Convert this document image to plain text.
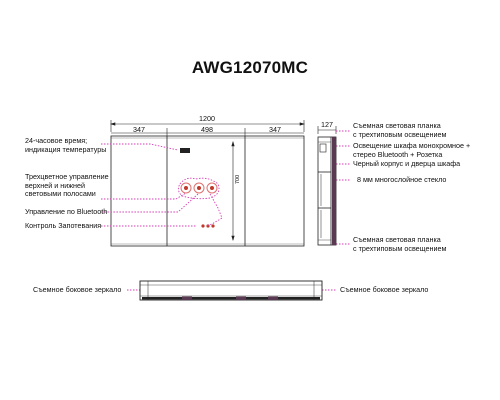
AWG12070MC
1200
347	498	347
127
700
24-часовое время;
индикация температуры
Трехцветное управление
верхней и нижней
световыми полосами
Управление по Bluetooth
Контроль Запотевания
Съемная световая планка
с трехтиповым освещением
Освещение шкафа монохромное +
стерео Bluetooth + Розетка
Черный корпус и дверца шкафа
8 мм многослойное стекло
Съемная световая планка
с трехтиповым освещением
Съемное боковое зеркало	Съемное боковое зеркало
